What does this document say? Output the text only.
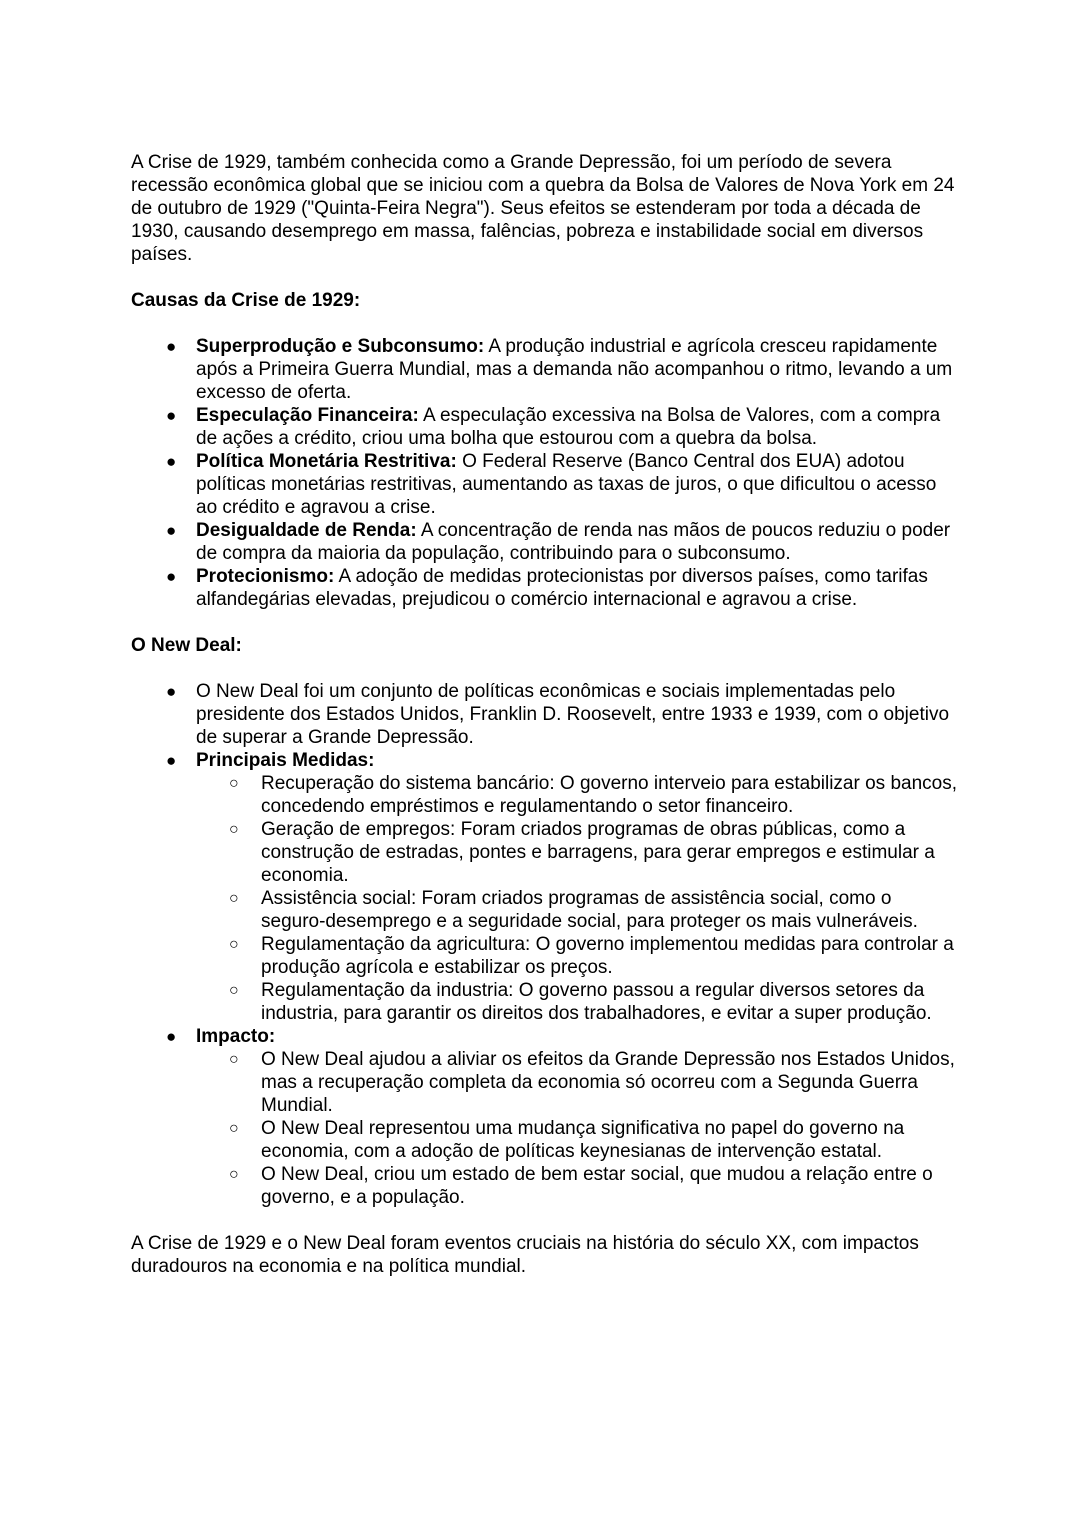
A Crise de 1929, também conhecida como a Grande Depressão, foi um período de severa recessão econômica global que se iniciou com a quebra da Bolsa de Valores de Nova York em 24 de outubro de 1929 ("Quinta-Feira Negra"). Seus efeitos se estenderam por toda a década de 1930, causando desemprego em massa, falências, pobreza e instabilidade social em diversos países.

Causas da Crise de 1929:

● Superprodução e Subconsumo: A produção industrial e agrícola cresceu rapidamente após a Primeira Guerra Mundial, mas a demanda não acompanhou o ritmo, levando a um excesso de oferta.
● Especulação Financeira: A especulação excessiva na Bolsa de Valores, com a compra de ações a crédito, criou uma bolha que estourou com a quebra da bolsa.
● Política Monetária Restritiva: O Federal Reserve (Banco Central dos EUA) adotou políticas monetárias restritivas, aumentando as taxas de juros, o que dificultou o acesso ao crédito e agravou a crise.
● Desigualdade de Renda: A concentração de renda nas mãos de poucos reduziu o poder de compra da maioria da população, contribuindo para o subconsumo.
● Protecionismo: A adoção de medidas protecionistas por diversos países, como tarifas alfandegárias elevadas, prejudicou o comércio internacional e agravou a crise.

O New Deal:

● O New Deal foi um conjunto de políticas econômicas e sociais implementadas pelo presidente dos Estados Unidos, Franklin D. Roosevelt, entre 1933 e 1939, com o objetivo de superar a Grande Depressão.
● Principais Medidas:
○ Recuperação do sistema bancário: O governo interveio para estabilizar os bancos, concedendo empréstimos e regulamentando o setor financeiro.
○ Geração de empregos: Foram criados programas de obras públicas, como a construção de estradas, pontes e barragens, para gerar empregos e estimular a economia.
○ Assistência social: Foram criados programas de assistência social, como o seguro-desemprego e a seguridade social, para proteger os mais vulneráveis.
○ Regulamentação da agricultura: O governo implementou medidas para controlar a produção agrícola e estabilizar os preços.
○ Regulamentação da industria: O governo passou a regular diversos setores da industria, para garantir os direitos dos trabalhadores, e evitar a super produção.
● Impacto:
○ O New Deal ajudou a aliviar os efeitos da Grande Depressão nos Estados Unidos, mas a recuperação completa da economia só ocorreu com a Segunda Guerra Mundial.
○ O New Deal representou uma mudança significativa no papel do governo na economia, com a adoção de políticas keynesianas de intervenção estatal.
○ O New Deal, criou um estado de bem estar social, que mudou a relação entre o governo, e a população.

A Crise de 1929 e o New Deal foram eventos cruciais na história do século XX, com impactos duradouros na economia e na política mundial.
